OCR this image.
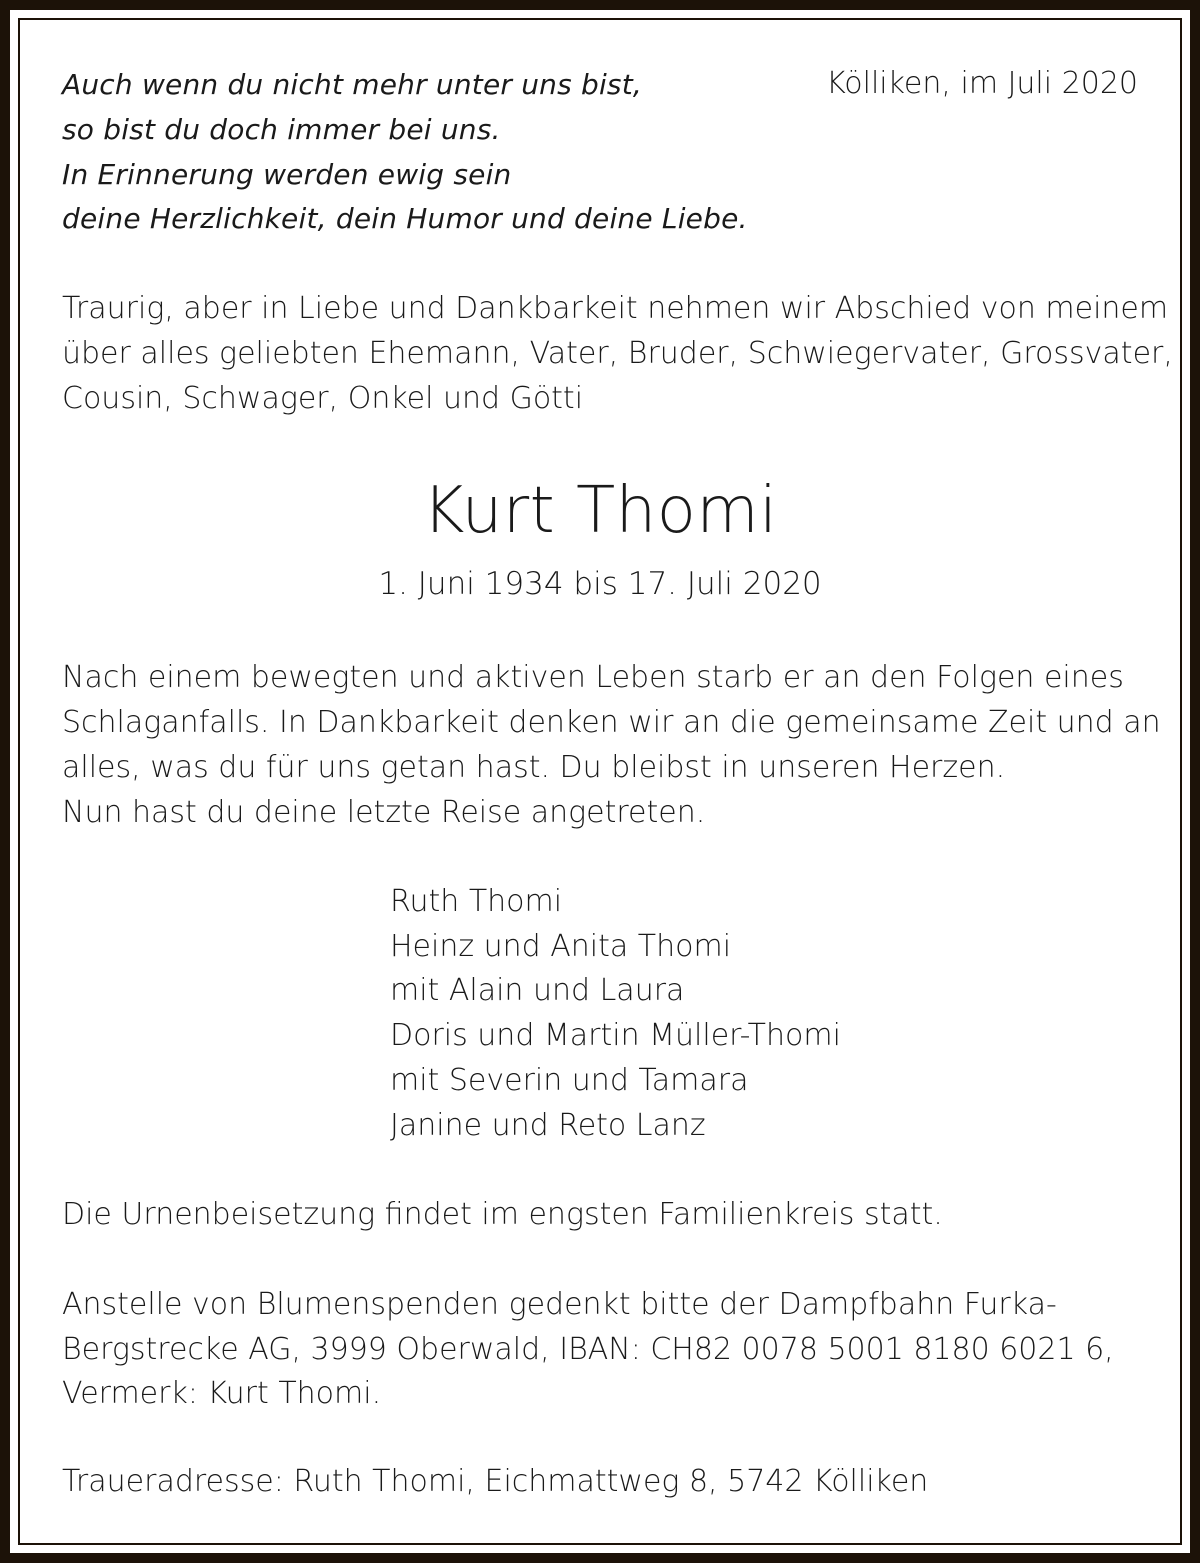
Auch wenn du nicht mehr unter uns bist,
so bist du doch immer bei uns.
In Erinnerung werden ewig sein
deine Herzlichkeit, dein Humor und deine Liebe.
Kölliken, im Juli 2020
Traurig, aber in Liebe und Dankbarkeit nehmen wir Abschied von meinem
über alles geliebten Ehemann, Vater, Bruder, Schwiegervater, Grossvater,
Cousin, Schwager, Onkel und Götti
Kurt Thomi
1. Juni 1934 bis 17. Juli 2020
Nach einem bewegten und aktiven Leben starb er an den Folgen eines
Schlaganfalls. In Dankbarkeit denken wir an die gemeinsame Zeit und an
alles, was du für uns getan hast. Du bleibst in unseren Herzen.
Nun hast du deine letzte Reise angetreten.
Ruth Thomi
Heinz und Anita Thomi
mit Alain und Laura
Doris und Martin Müller-Thomi
mit Severin und Tamara
Janine und Reto Lanz
Die Urnenbeisetzung findet im engsten Familienkreis statt.
Anstelle von Blumenspenden gedenkt bitte der Dampfbahn Furka-
Bergstrecke AG, 3999 Oberwald, IBAN: CH82 0078 5001 8180 6021 6,
Vermerk: Kurt Thomi.
Traueradresse: Ruth Thomi, Eichmattweg 8, 5742 Kölliken
